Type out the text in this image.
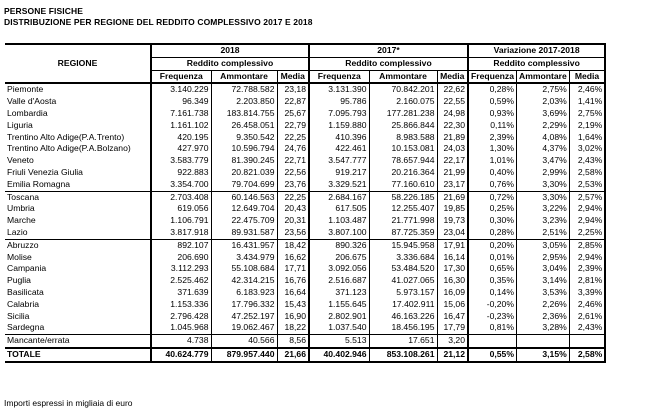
PERSONE FISICHE
DISTRIBUZIONE PER REGIONE DEL REDDITO COMPLESSIVO 2017 E 2018
REGIONE	2018			2017*			Variazione 2017-2018		
	Reddito complessivo			Reddito complessivo			Reddito complessivo		
	Frequenza	Ammontare	Media	Frequenza	Ammontare	Media	Frequenza	Ammontare	Media
Piemonte	3.140.229	72.788.582	23,18	3.131.390	70.842.201	22,62	0,28%	2,75%	2,46%
Valle d'Aosta	96.349	2.203.850	22,87	95.786	2.160.075	22,55	0,59%	2,03%	1,41%
Lombardia	7.161.738	183.814.755	25,67	7.095.793	177.281.238	24,98	0,93%	3,69%	2,75%
Liguria	1.161.102	26.458.051	22,79	1.159.880	25.866.844	22,30	0,11%	2,29%	2,19%
Trentino Alto Adige(P.A.Trento)	420.195	9.350.542	22,25	410.396	8.983.588	21,89	2,39%	4,08%	1,64%
Trentino Alto Adige(P.A.Bolzano)	427.970	10.596.794	24,76	422.461	10.153.081	24,03	1,30%	4,37%	3,02%
Veneto	3.583.779	81.390.245	22,71	3.547.777	78.657.944	22,17	1,01%	3,47%	2,43%
Friuli Venezia Giulia	922.883	20.821.039	22,56	919.217	20.216.364	21,99	0,40%	2,99%	2,58%
Emilia Romagna	3.354.700	79.704.699	23,76	3.329.521	77.160.610	23,17	0,76%	3,30%	2,53%
Toscana	2.703.408	60.146.563	22,25	2.684.167	58.226.185	21,69	0,72%	3,30%	2,57%
Umbria	619.056	12.649.704	20,43	617.505	12.255.407	19,85	0,25%	3,22%	2,94%
Marche	1.106.791	22.475.709	20,31	1.103.487	21.771.998	19,73	0,30%	3,23%	2,94%
Lazio	3.817.918	89.931.587	23,56	3.807.100	87.725.359	23,04	0,28%	2,51%	2,25%
Abruzzo	892.107	16.431.957	18,42	890.326	15.945.958	17,91	0,20%	3,05%	2,85%
Molise	206.690	3.434.979	16,62	206.675	3.336.684	16,14	0,01%	2,95%	2,94%
Campania	3.112.293	55.108.684	17,71	3.092.056	53.484.520	17,30	0,65%	3,04%	2,39%
Puglia	2.525.462	42.314.215	16,76	2.516.687	41.027.065	16,30	0,35%	3,14%	2,81%
Basilicata	371.639	6.183.923	16,64	371.123	5.973.157	16,09	0,14%	3,53%	3,39%
Calabria	1.153.336	17.796.332	15,43	1.155.645	17.402.911	15,06	-0,20%	2,26%	2,46%
Sicilia	2.796.428	47.252.197	16,90	2.802.901	46.163.226	16,47	-0,23%	2,36%	2,61%
Sardegna	1.045.968	19.062.467	18,22	1.037.540	18.456.195	17,79	0,81%	3,28%	2,43%
Mancante/errata	4.738	40.566	8,56	5.513	17.651	3,20			
TOTALE	40.624.779	879.957.440	21,66	40.402.946	853.108.261	21,12	0,55%	3,15%	2,58%
Importi espressi in migliaia di euro
